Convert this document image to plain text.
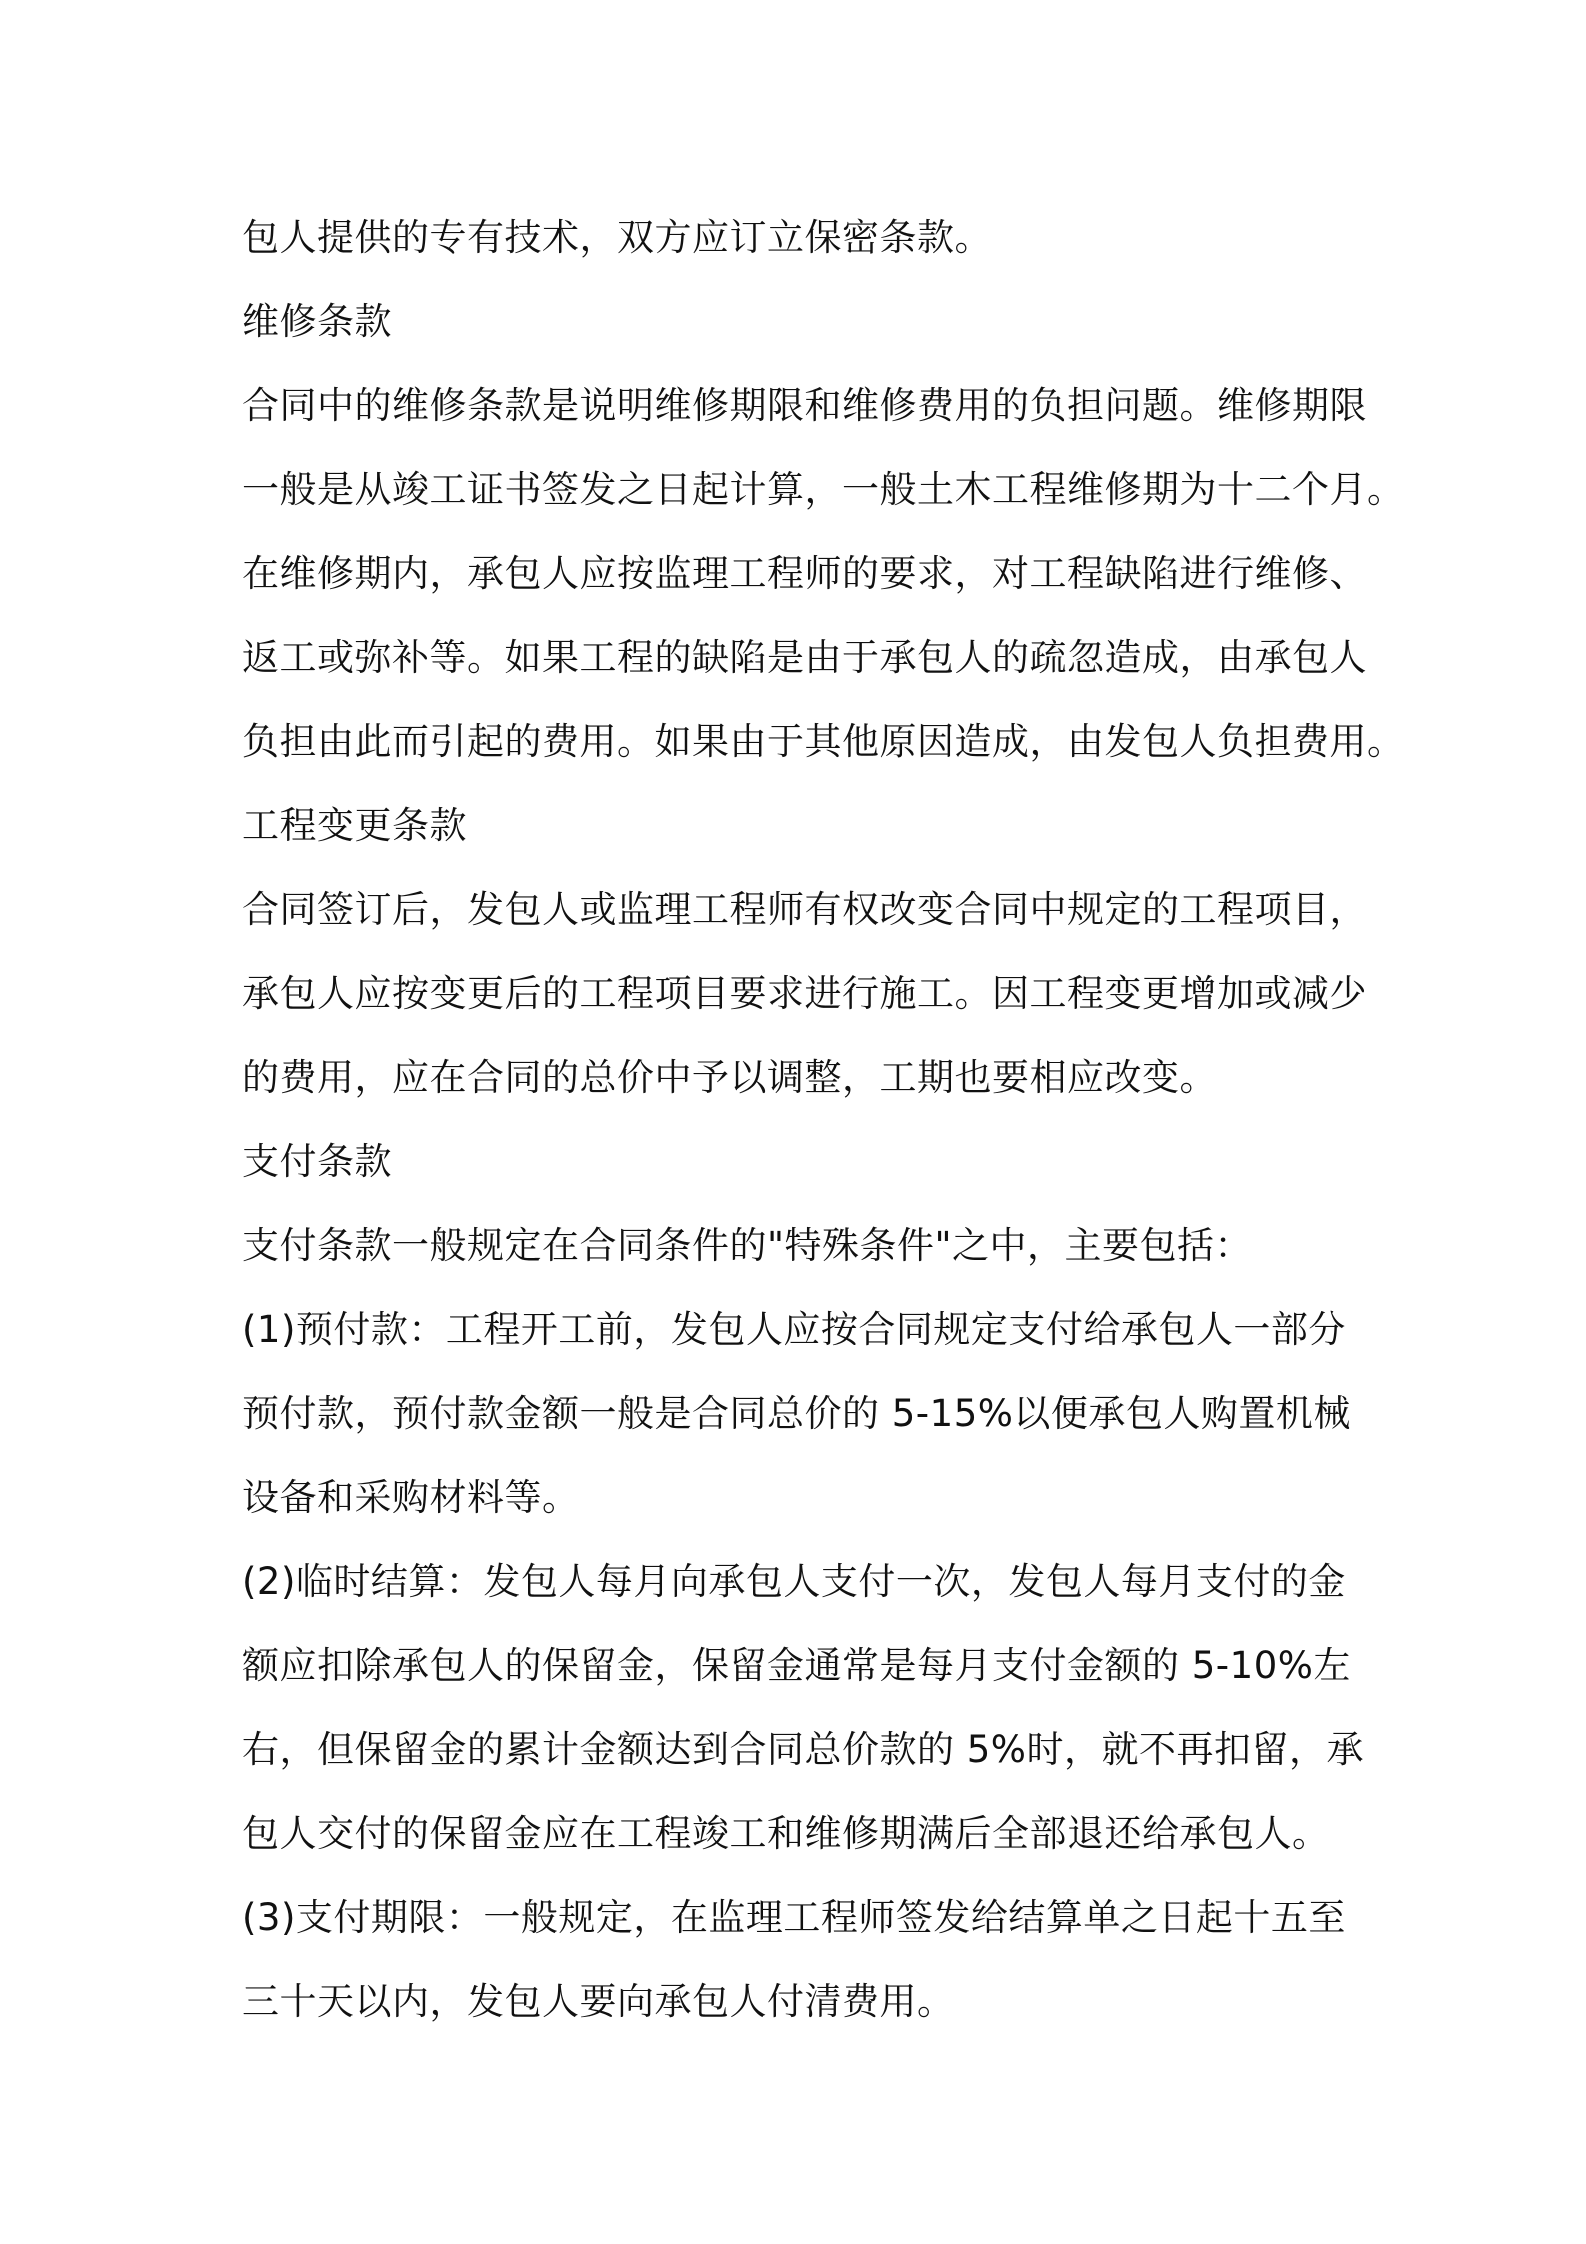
包人提供的专有技术，双方应订立保密条款。
维修条款
合同中的维修条款是说明维修期限和维修费用的负担问题。维修期限
一般是从竣工证书签发之日起计算，一般土木工程维修期为十二个月。
在维修期内，承包人应按监理工程师的要求，对工程缺陷进行维修、
返工或弥补等。如果工程的缺陷是由于承包人的疏忽造成，由承包人
负担由此而引起的费用。如果由于其他原因造成，由发包人负担费用。
工程变更条款
合同签订后，发包人或监理工程师有权改变合同中规定的工程项目，
承包人应按变更后的工程项目要求进行施工。因工程变更增加或减少
的费用，应在合同的总价中予以调整，工期也要相应改变。
支付条款
支付条款一般规定在合同条件的"特殊条件"之中，主要包括：
(1)预付款：工程开工前，发包人应按合同规定支付给承包人一部分
预付款，预付款金额一般是合同总价的 5-15%以便承包人购置机械
设备和采购材料等。
(2)临时结算：发包人每月向承包人支付一次，发包人每月支付的金
额应扣除承包人的保留金，保留金通常是每月支付金额的 5-10%左
右，但保留金的累计金额达到合同总价款的 5%时，就不再扣留，承
包人交付的保留金应在工程竣工和维修期满后全部退还给承包人。
(3)支付期限：一般规定，在监理工程师签发给结算单之日起十五至
三十天以内，发包人要向承包人付清费用。
